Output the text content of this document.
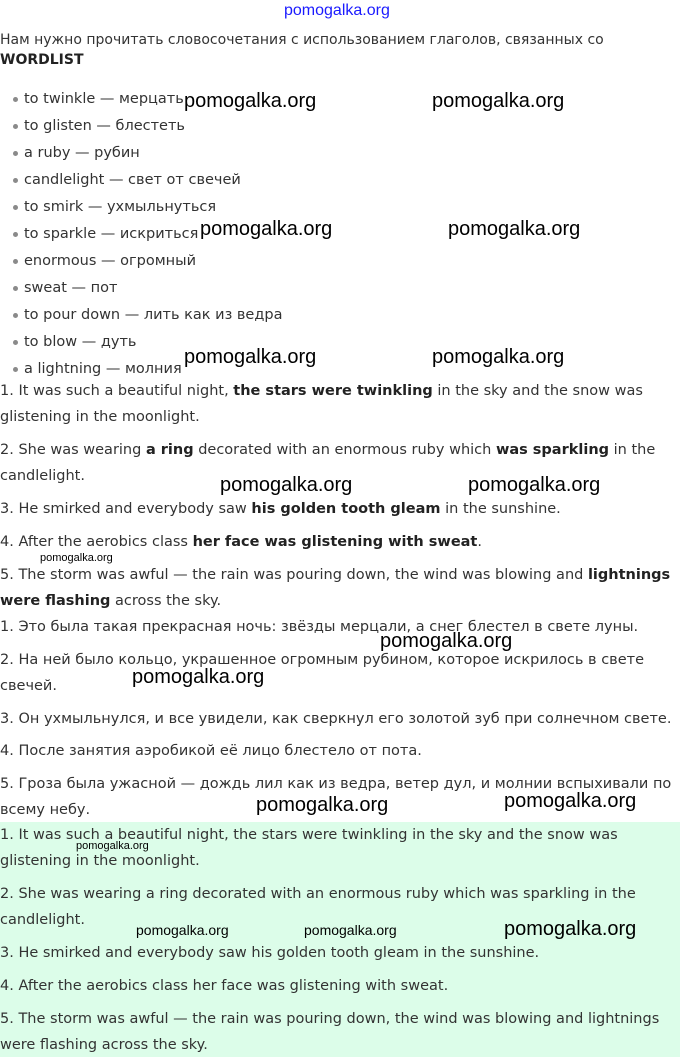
pomogalka.org
Нам нужно прочитать словосочетания с использованием глаголов, связанных со
WORDLIST
to twinkle — мерцать
to glisten — блестеть
a ruby — рубин
candlelight — свет от свечей
to smirk — ухмыльнуться
to sparkle — искриться
enormous — огромный
sweat — пот
to pour down — лить как из ведра
to blow — дуть
a lightning — молния

1. It was such a beautiful night, the stars were twinkling in the sky and the snow was glistening in the moonlight.

2. She was wearing a ring decorated with an enormous ruby which was sparkling in the candlelight.

3. He smirked and everybody saw his golden tooth gleam in the sunshine.

4. After the aerobics class her face was glistening with sweat.

5. The storm was awful — the rain was pouring down, the wind was blowing and lightnings were flashing across the sky.

1. Это была такая прекрасная ночь: звёзды мерцали, а снег блестел в свете луны.

2. На ней было кольцо, украшенное огромным рубином, которое искрилось в свете свечей.

3. Он ухмыльнулся, и все увидели, как сверкнул его золотой зуб при солнечном свете.

4. После занятия аэробикой её лицо блестело от пота.

5. Гроза была ужасной — дождь лил как из ведра, ветер дул, и молнии вспыхивали по всему небу.

1. It was such a beautiful night, the stars were twinkling in the sky and the snow was glistening in the moonlight.

2. She was wearing a ring decorated with an enormous ruby which was sparkling in the candlelight.

3. He smirked and everybody saw his golden tooth gleam in the sunshine.

4. After the aerobics class her face was glistening with sweat.

5. The storm was awful — the rain was pouring down, the wind was blowing and lightnings were flashing across the sky.

pomogalka.org	pomogalka.org
pomogalka.org	pomogalka.org
pomogalka.org	pomogalka.org
pomogalka.org	pomogalka.org
pomogalka.org
pomogalka.org
pomogalka.org
pomogalka.org	pomogalka.org
pomogalka.org
pomogalka.org	pomogalka.org	pomogalka.org
